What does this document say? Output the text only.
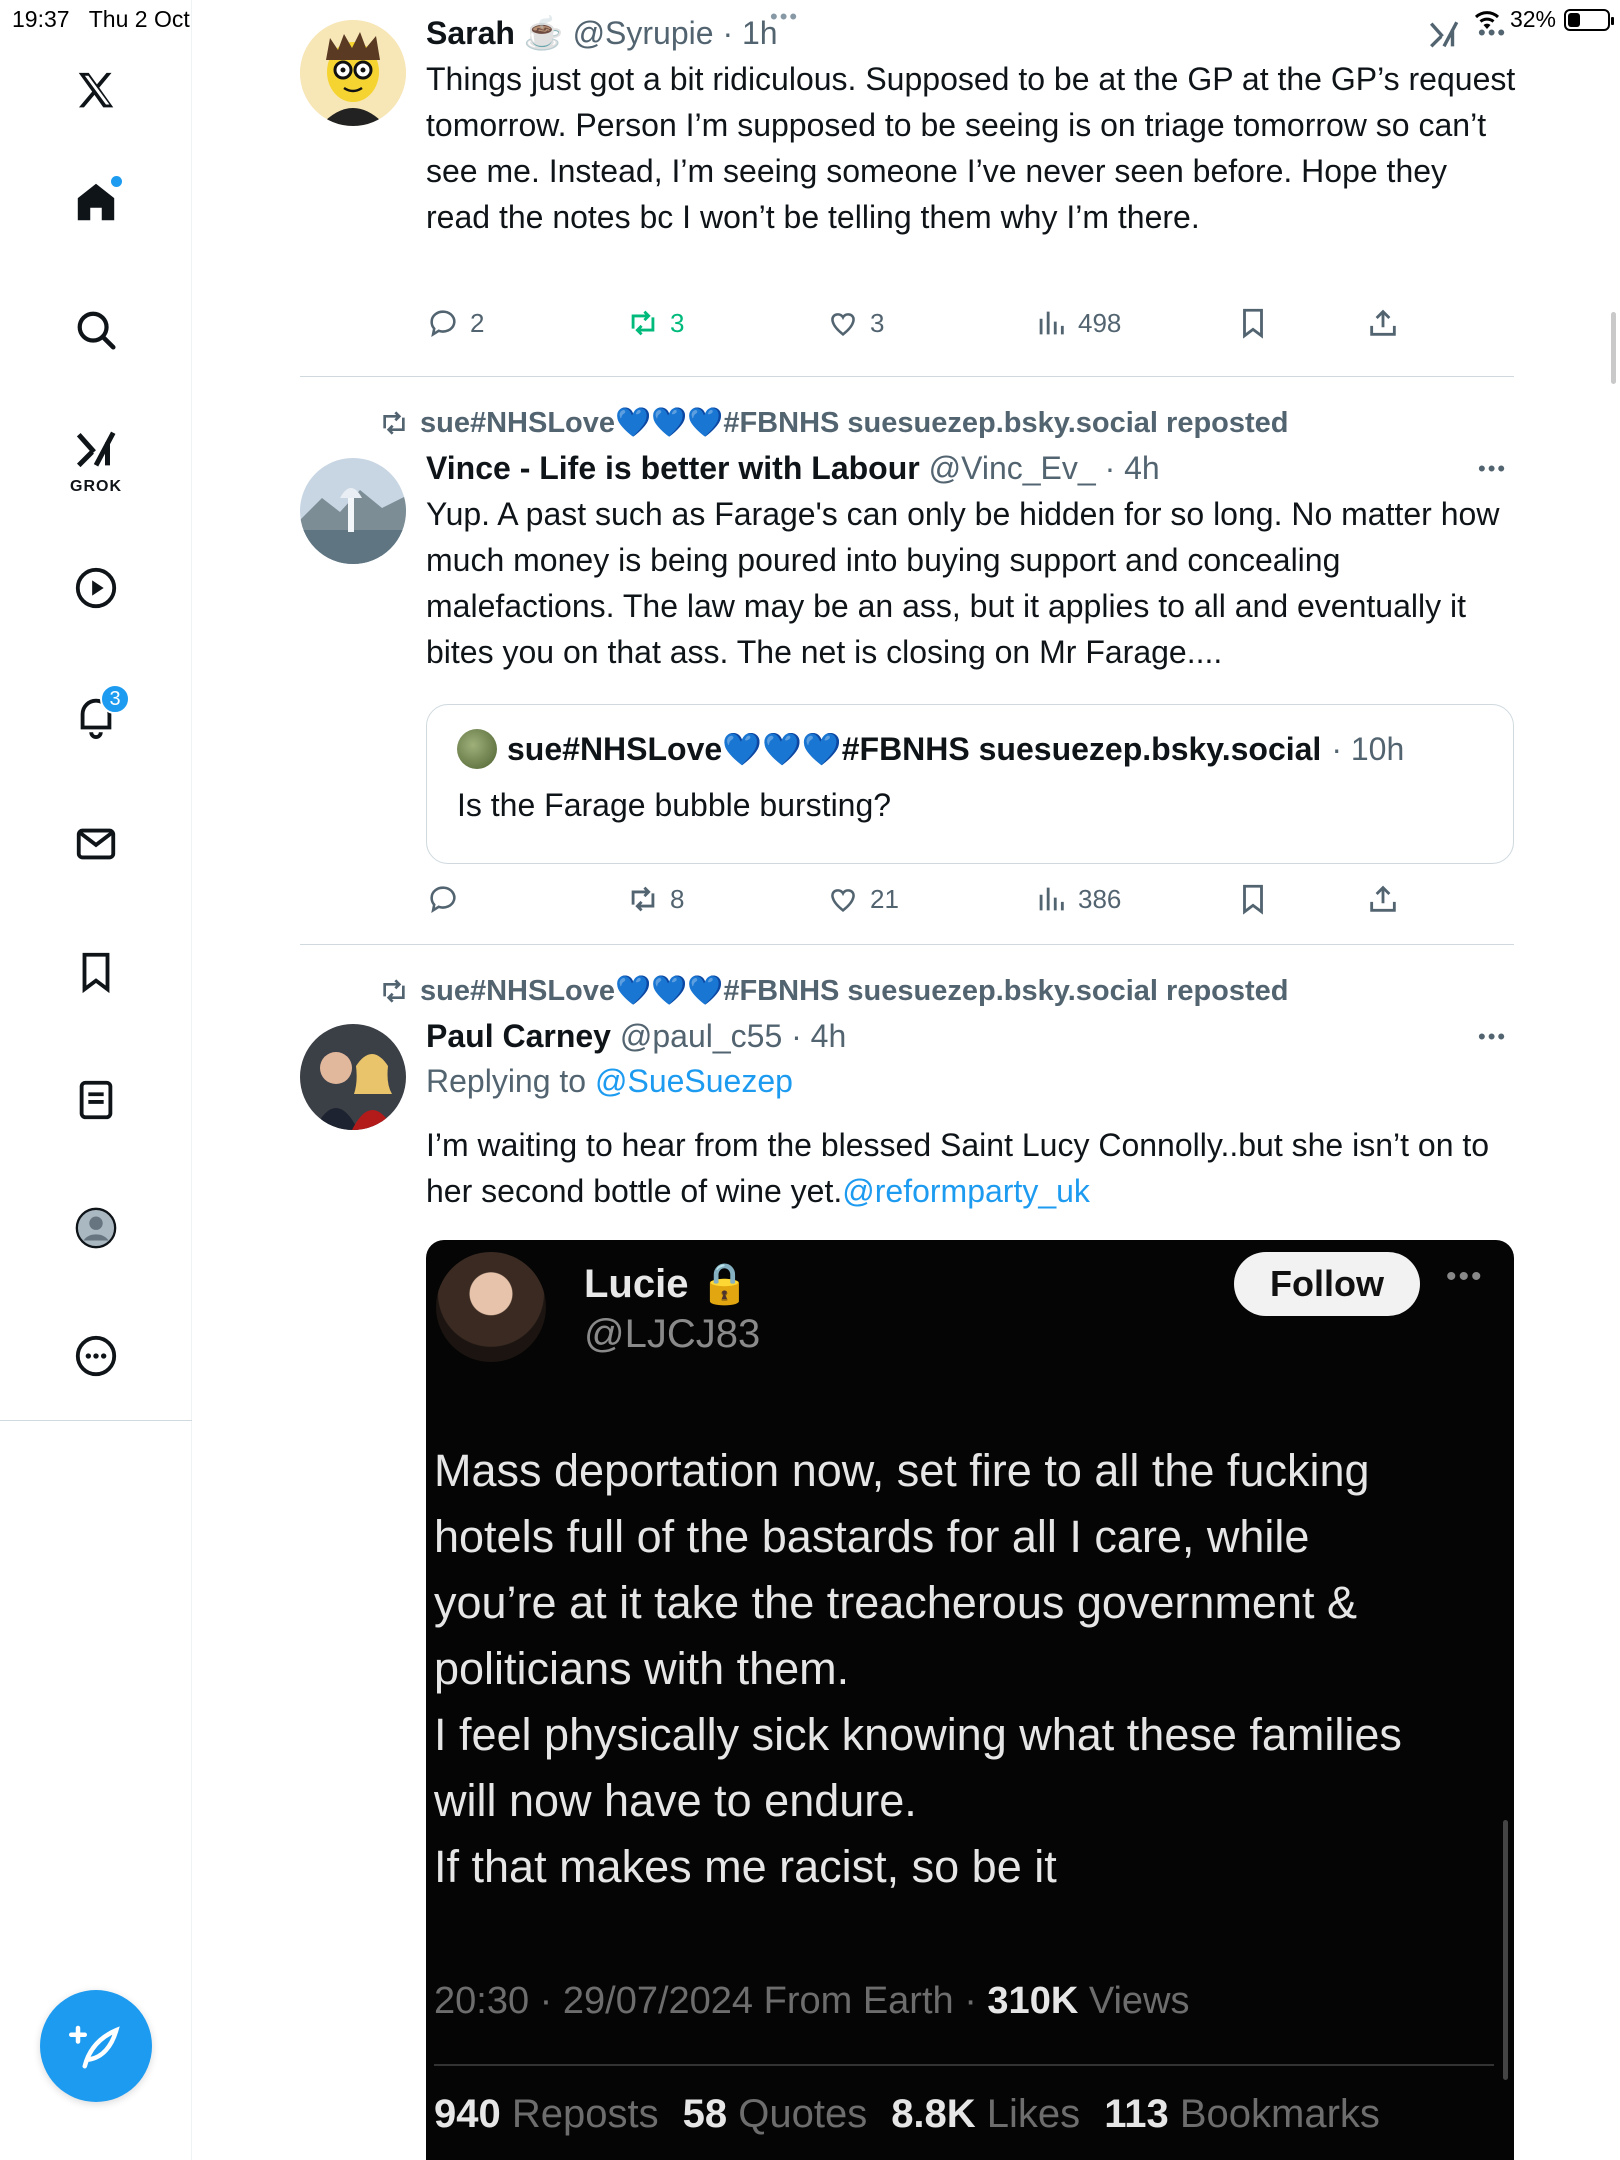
19:37 Thu 2 Oct	32%
GROK
3
•••
Sarah ☕ @Syrupie · 1h
Things just got a bit ridiculous. Supposed to be at the GP at the GP’s request tomorrow. Person I’m supposed to be seeing is on triage tomorrow so can’t see me. Instead, I’m seeing someone I’ve never seen before. Hope they read the notes bc I won’t be telling them why I’m there.
•••
2	3	3	498
sue#NHSLove💙💙💙#FBNHS suesuezep.bsky.social reposted
Vince - Life is better with Labour @Vinc_Ev_ · 4h
Yup. A past such as Farage's can only be hidden for so long. No matter how much money is being poured into buying support and concealing malefactions. The law may be an ass, but it applies to all and eventually it bites you on that ass. The net is closing on Mr Farage....
•••
sue#NHSLove💙💙💙#FBNHS suesuezep.bsky.social · 10h
Is the Farage bubble bursting?
8	21	386
sue#NHSLove💙💙💙#FBNHS suesuezep.bsky.social reposted
Paul Carney @paul_c55 · 4h
Replying to @SueSuezep
I’m waiting to hear from the blessed Saint Lucy Connolly..but she isn’t on to her second bottle of wine yet.@reformparty_uk
•••
Lucie 🔒
@LJCJ83
Follow	•••
Mass deportation now, set fire to all the fucking
hotels full of the bastards for all I care, while
you’re at it take the treacherous government &
politicians with them.
I feel physically sick knowing what these families
will now have to endure.
If that makes me racist, so be it
20:30 · 29/07/2024 From Earth · 310K Views
940 Reposts 58 Quotes 8.8K Likes 113 Bookmarks
